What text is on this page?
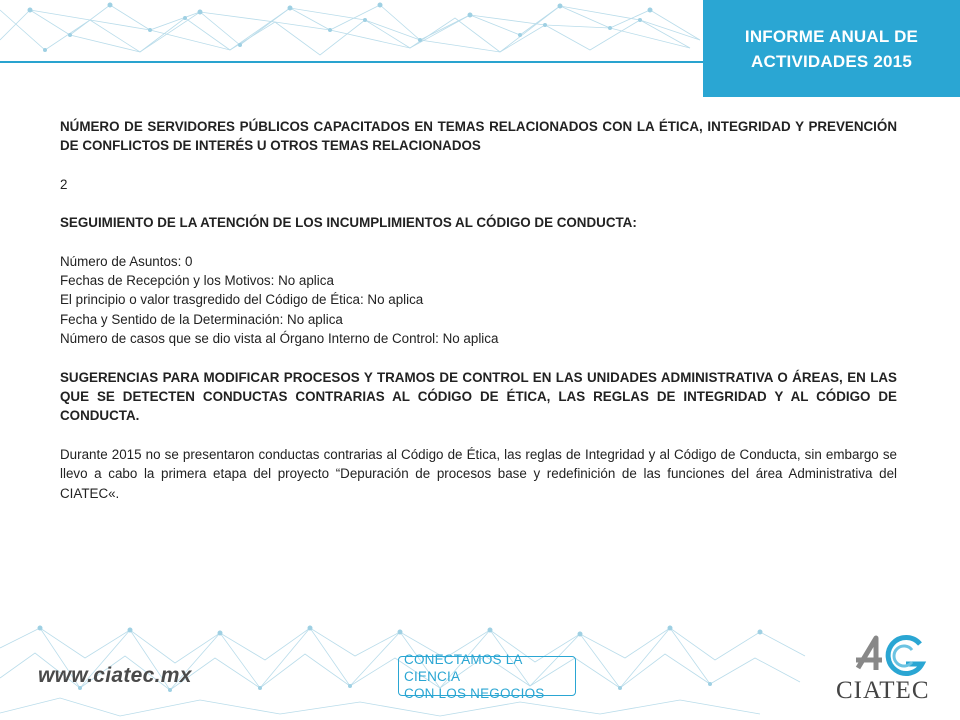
INFORME ANUAL DE
ACTIVIDADES 2015

NÚMERO DE SERVIDORES PÚBLICOS CAPACITADOS EN TEMAS RELACIONADOS CON LA ÉTICA, INTEGRIDAD Y PREVENCIÓN DE CONFLICTOS DE INTERÉS U OTROS TEMAS RELACIONADOS

2

SEGUIMIENTO DE LA ATENCIÓN DE LOS INCUMPLIMIENTOS AL CÓDIGO DE CONDUCTA:

Número de Asuntos: 0

Fechas de Recepción y los Motivos: No aplica

El principio o valor trasgredido del Código de Ética: No aplica

Fecha y Sentido de la Determinación: No aplica

Número de casos que se dio vista al Órgano Interno de Control: No aplica

SUGERENCIAS PARA MODIFICAR PROCESOS Y TRAMOS DE CONTROL EN LAS UNIDADES ADMINISTRATIVA O ÁREAS, EN LAS QUE SE DETECTEN CONDUCTAS CONTRARIAS AL CÓDIGO DE ÉTICA, LAS REGLAS DE INTEGRIDAD Y AL CÓDIGO DE CONDUCTA.

Durante 2015 no se presentaron conductas contrarias al Código de Ética, las reglas de Integridad y al Código de Conducta, sin embargo se llevo a cabo la primera etapa del proyecto “Depuración de procesos base y redefinición de las funciones del área Administrativa del CIATEC«.

www.ciatec.mx
CONECTAMOS LA CIENCIA
CON LOS NEGOCIOS	CIATEC
